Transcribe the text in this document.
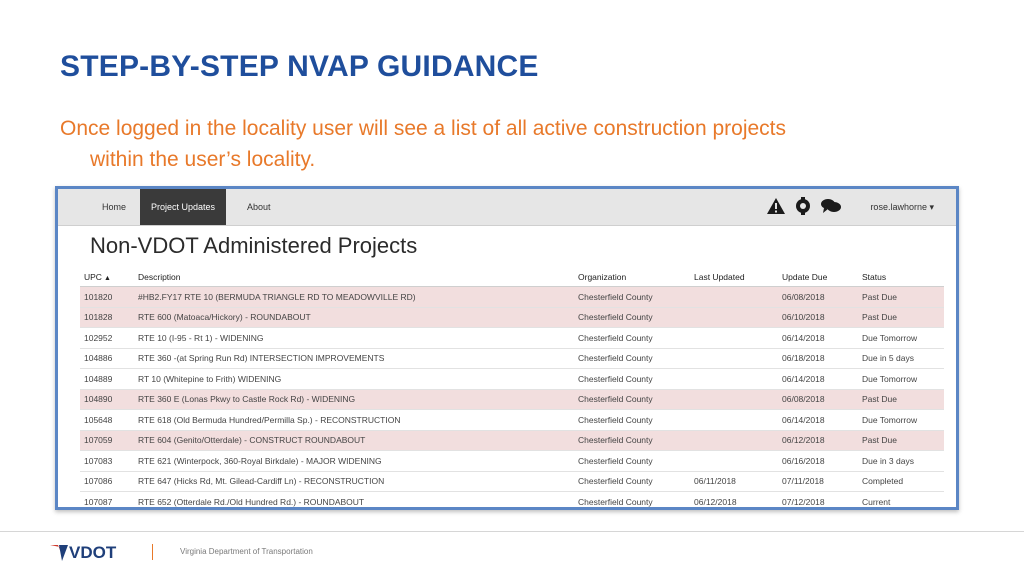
STEP-BY-STEP NVAP GUIDANCE
Once logged in the locality user will see a list of all active construction projects
within the user’s locality.
Home	Project Updates	About	rose.lawhorne ▾
Non-VDOT Administered Projects
UPC ▲	Description	Organization	Last Updated	Update Due	Status
101820	#HB2.FY17 RTE 10 (BERMUDA TRIANGLE RD TO MEADOWVILLE RD)	Chesterfield County		06/08/2018	Past Due
101828	RTE 600 (Matoaca/Hickory) - ROUNDABOUT	Chesterfield County		06/10/2018	Past Due
102952	RTE 10 (I-95 - Rt 1) - WIDENING	Chesterfield County		06/14/2018	Due Tomorrow
104886	RTE 360 -(at Spring Run Rd) INTERSECTION IMPROVEMENTS	Chesterfield County		06/18/2018	Due in 5 days
104889	RT 10 (Whitepine to Frith) WIDENING	Chesterfield County		06/14/2018	Due Tomorrow
104890	RTE 360 E (Lonas Pkwy to Castle Rock Rd) - WIDENING	Chesterfield County		06/08/2018	Past Due
105648	RTE 618 (Old Bermuda Hundred/Permilla Sp.) - RECONSTRUCTION	Chesterfield County		06/14/2018	Due Tomorrow
107059	RTE 604 (Genito/Otterdale) - CONSTRUCT ROUNDABOUT	Chesterfield County		06/12/2018	Past Due
107083	RTE 621 (Winterpock, 360-Royal Birkdale) - MAJOR WIDENING	Chesterfield County		06/16/2018	Due in 3 days
107086	RTE 647 (Hicks Rd, Mt. Gilead-Cardiff Ln) - RECONSTRUCTION	Chesterfield County	06/11/2018	07/11/2018	Completed
107087	RTE 652 (Otterdale Rd./Old Hundred Rd.) - ROUNDABOUT	Chesterfield County	06/12/2018	07/12/2018	Current
VDOT	Virginia Department of Transportation
